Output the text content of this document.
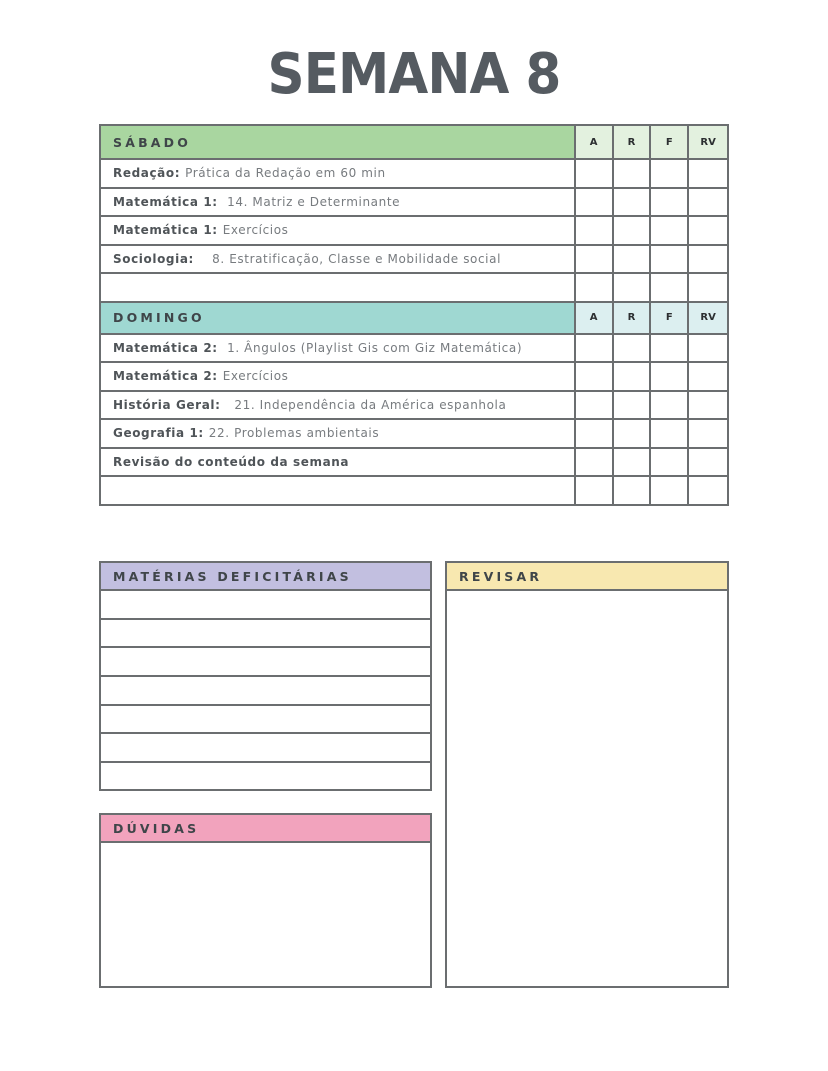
SEMANA 8
SÁBADO	A	R	F	RV
Redação: Prática da Redação em 60 min
Matemática 1: 14. Matriz e Determinante
Matemática 1: Exercícios
Sociologia: 8. Estratificação, Classe e Mobilidade social
DOMINGO	A	R	F	RV
Matemática 2: 1. Ângulos (Playlist Gis com Giz Matemática)
Matemática 2: Exercícios
História Geral: 21. Independência da América espanhola
Geografia 1: 22. Problemas ambientais
Revisão do conteúdo da semana
MATÉRIAS DEFICITÁRIAS	REVISAR
DÚVIDAS
